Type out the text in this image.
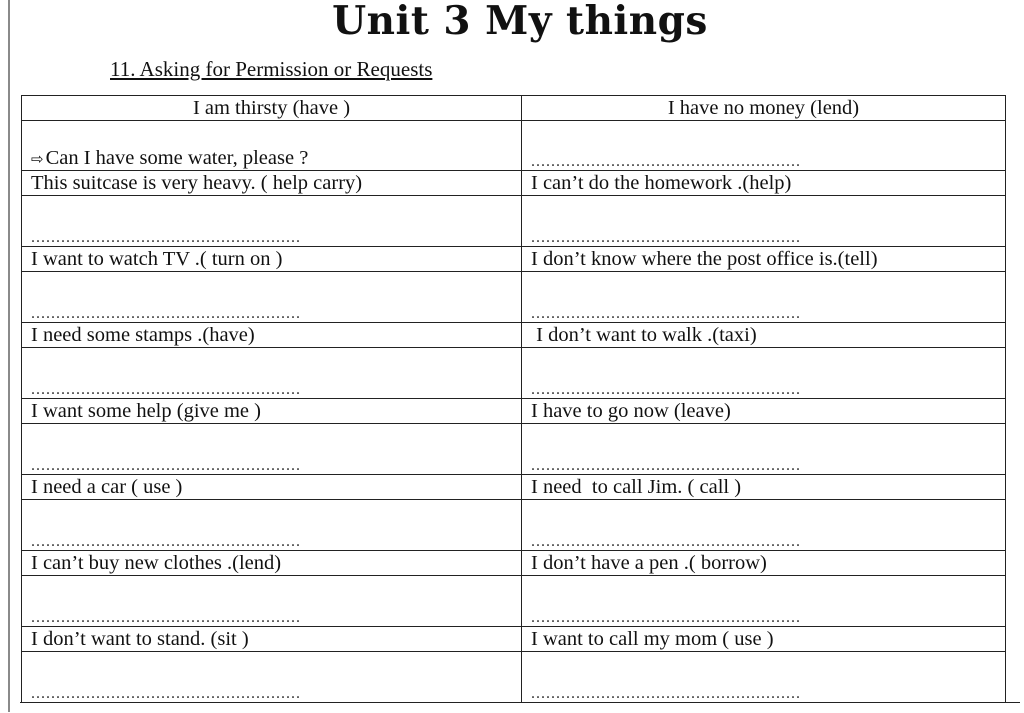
Unit 3 My things
11. Asking for Permission or Requests
I am thirsty (have )	I have no money (lend)
⇨Can I have some water, please ?	......................................................

This suitcase is very heavy. ( help carry)	I can’t do the homework .(help)

......................................................	......................................................

I want to watch TV .( turn on )	I don’t know where the post office is.(tell)

......................................................	......................................................

I need some stamps .(have)	I don’t want to walk .(taxi)

......................................................	......................................................

I want some help (give me )	I have to go now (leave)

......................................................	......................................................

I need a car ( use )	I need  to call Jim. ( call )

......................................................	......................................................

I can’t buy new clothes .(lend)	I don’t have a pen .( borrow)

......................................................	......................................................

I don’t want to stand. (sit )	I want to call my mom ( use )

......................................................	......................................................
